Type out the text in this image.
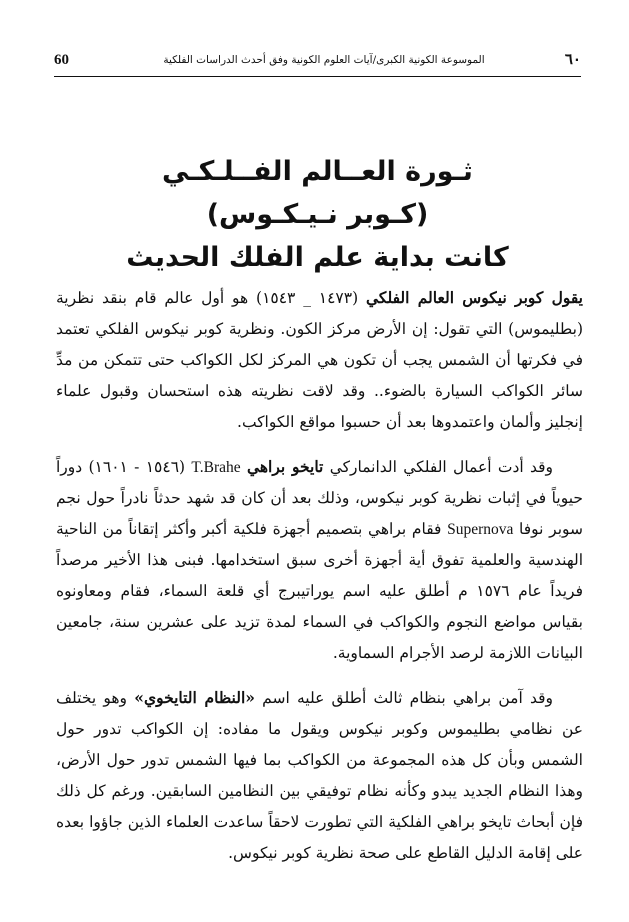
60	الموسوعة الكونية الكبرى/آيات العلوم الكونية وفق أحدث الدراسات الفلكية	٦٠
ثـورة العــالم الفــلـكـي
(كـوبر نـيـكـوس)
كانت بداية علم الفلك الحديث

يقول كوبر نيكوس العالم الفلكي (١٤٧٣ _ ١٥٤٣) هو أول عالم قام بنقد نظرية (بطليموس) التي تقول: إن الأرض مركز الكون. ونظرية كوبر نيكوس الفلكي تعتمد في فكرتها أن الشمس يجب أن تكون هي المركز لكل الكواكب حتى تتمكن من مدِّ سائر الكواكب السيارة بالضوء.. وقد لاقت نظريته هذه استحسان وقبول علماء إنجليز وألمان واعتمدوها بعد أن حسبوا مواقع الكواكب.

وقد أدت أعمال الفلكي الدانماركي تايخو براهي T.Brahe (١٥٤٦ - ١٦٠١) دوراً حيوياً في إثبات نظرية كوبر نيكوس، وذلك بعد أن كان قد شهد حدثاً نادراً حول نجم سوبر نوفا Supernova فقام براهي بتصميم أجهزة فلكية أكبر وأكثر إتقاناً من الناحية الهندسية والعلمية تفوق أية أجهزة أخرى سبق استخدامها. فبنى هذا الأخير مرصداً فريداً عام ١٥٧٦ م أطلق عليه اسم يوراتيبرج أي قلعة السماء، فقام ومعاونوه بقياس مواضع النجوم والكواكب في السماء لمدة تزيد على عشرين سنة، جامعين البيانات اللازمة لرصد الأجرام السماوية.

وقد آمن براهي بنظام ثالث أطلق عليه اسم «النظام التايخوي» وهو يختلف عن نظامي بطليموس وكوبر نيكوس ويقول ما مفاده: إن الكواكب تدور حول الشمس وبأن كل هذه المجموعة من الكواكب بما فيها الشمس تدور حول الأرض، وهذا النظام الجديد يبدو وكأنه نظام توفيقي بين النظامين السابقين. ورغم كل ذلك فإن أبحاث تايخو براهي الفلكية التي تطورت لاحقاً ساعدت العلماء الذين جاؤوا بعده على إقامة الدليل القاطع على صحة نظرية كوبر نيكوس.
